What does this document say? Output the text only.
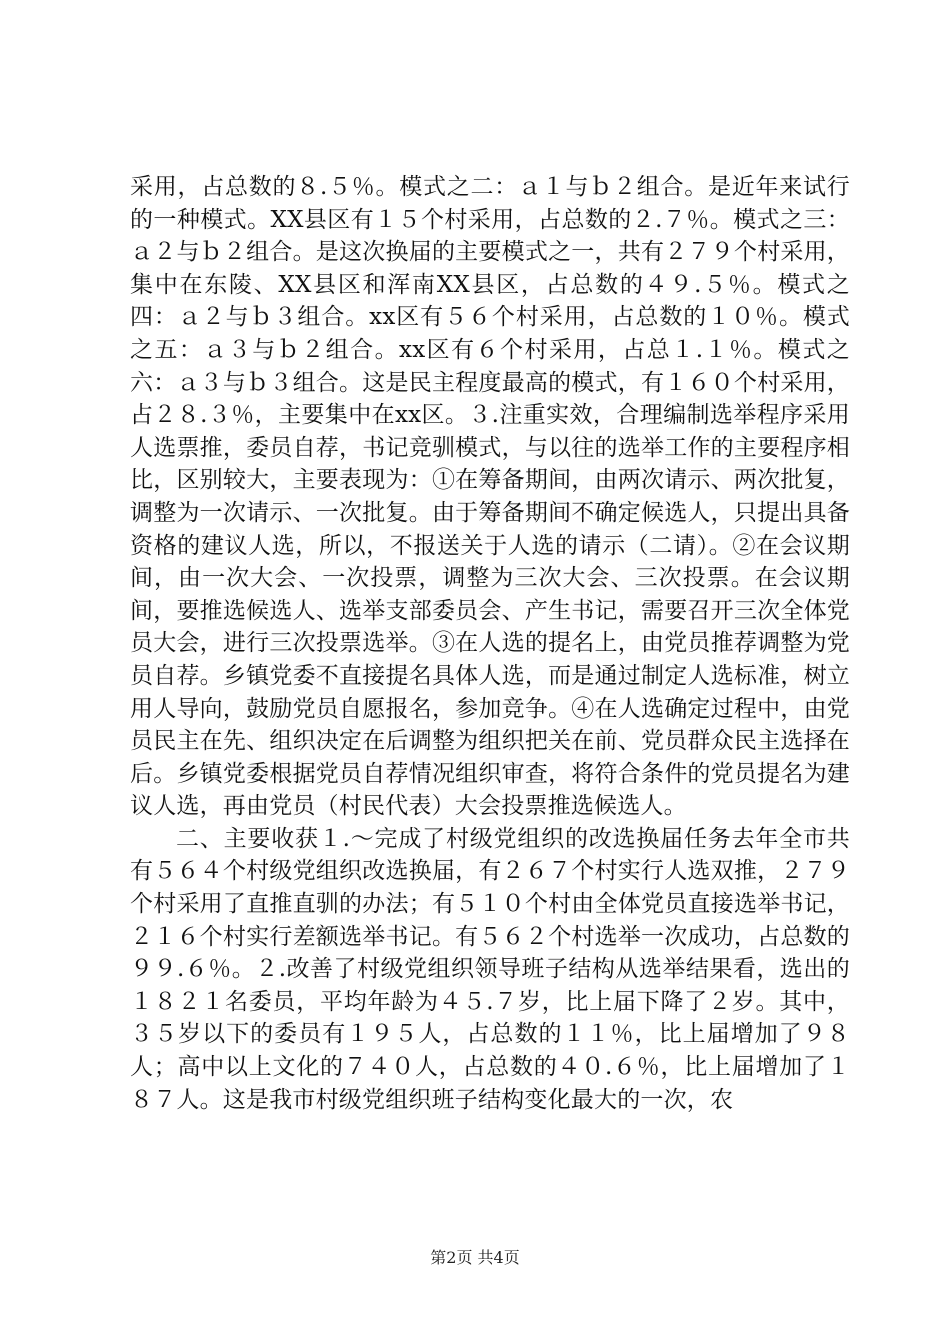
采用，占总数的８.５％。模式之二：ａ１与ｂ２组合。是近年来试行的一种模式。XX县区有１５个村采用，占总数的２.７％。模式之三：ａ２与ｂ２组合。是这次换届的主要模式之一，共有２７９个村采用，集中在东陵、XX县区和浑南XX县区，占总数的４９.５％。模式之四：ａ２与ｂ３组合。xx区有５６个村采用，占总数的１０％。模式之五：ａ３与ｂ２组合。xx区有６个村采用，占总１.１％。模式之六：ａ３与ｂ３组合。这是民主程度最高的模式，有１６０个村采用，占２８.３％，主要集中在xx区。３.注重实效，合理编制选举程序采用人选票推，委员自荐，书记竞驯模式，与以往的选举工作的主要程序相比，区别较大，主要表现为：①在筹备期间，由两次请示、两次批复，调整为一次请示、一次批复。由于筹备期间不确定候选人，只提出具备资格的建议人选，所以，不报送关于人选的请示（二请）。②在会议期间，由一次大会、一次投票，调整为三次大会、三次投票。在会议期间，要推选候选人、选举支部委员会、产生书记，需要召开三次全体党员大会，进行三次投票选举。③在人选的提名上，由党员推荐调整为党员自荐。乡镇党委不直接提名具体人选，而是通过制定人选标准，树立用人导向，鼓励党员自愿报名，参加竞争。④在人选确定过程中，由党员民主在先、组织决定在后调整为组织把关在前、党员群众民主选择在后。乡镇党委根据党员自荐情况组织审查，将符合条件的党员提名为建议人选，再由党员（村民代表）大会投票推选候选人。

二、主要收获１.～完成了村级党组织的改选换届任务去年全市共有５６４个村级党组织改选换届，有２６７个村实行人选双推，２７９个村采用了直推直驯的办法；有５１０个村由全体党员直接选举书记，２１６个村实行差额选举书记。有５６２个村选举一次成功，占总数的９９.６％。２.改善了村级党组织领导班子结构从选举结果看，选出的１８２１名委员，平均年龄为４５.７岁，比上届下降了２岁。其中，３５岁以下的委员有１９５人，占总数的１１％，比上届增加了９８人；高中以上文化的７４０人，占总数的４０.６％，比上届增加了１８７人。这是我市村级党组织班子结构变化最大的一次，农

第2页 共4页
